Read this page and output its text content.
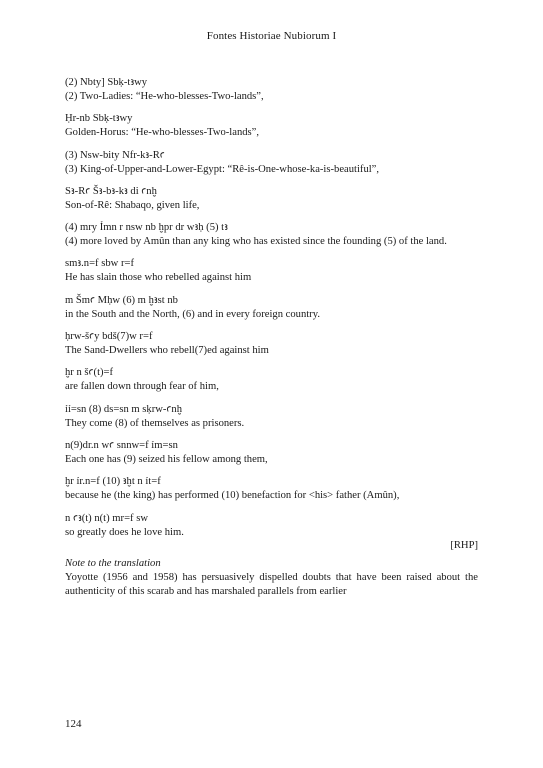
Fontes Historiae Nubiorum I
(2) Nbty] Sbḳ-tꜣwy
(2) Two-Ladies: “He-who-blesses-Two-lands”,
Ḥr-nb Sbḳ-tꜣwy
Golden-Horus: “He-who-blesses-Two-lands”,
(3) Nsw-bity Nfr-kꜣ-Rꜥ
(3) King-of-Upper-and-Lower-Egypt: “Rê-is-One-whose-ka-is-beautiful”,
Sꜣ-Rꜥ Šꜣ-bꜣ-kꜣ di ꜥnḫ
Son-of-Rê: Shabaqo, given life,
(4) mry Ỉmn r nsw nb ḫpr dr wꜣḥ (5) tꜣ
(4) more loved by Amûn than any king who has existed since the founding (5) of the land.
smꜣ.n=f sbw r=f
He has slain those who rebelled against him
m Šmꜥ Mḥw (6) m ḫꜣst nb
in the South and the North, (6) and in every foreign country.
ḥrw-šꜥy bdš(7)w r=f
The Sand-Dwellers who rebell(7)ed against him
ḫr n šꜥ(t)=f
are fallen down through fear of him,
ỉỉ=sn (8) ds=sn m sḳrw-ꜥnḫ
They come (8) of themselves as prisoners.
n(9)dr.n wꜥ snnw=f ỉm=sn
Each one has (9) seized his fellow among them,
ḫr ỉr.n=f (10) ꜣḫt n ỉt=f
because he (the king) has performed (10) benefaction for <his> father (Amûn),
n ꜥꜣ(t) n(t) mr=f sw
so greatly does he love him.
[RHP]
Note to the translation
Yoyotte (1956 and 1958) has persuasively dispelled doubts that have been raised about the authenticity of this scarab and has marshaled parallels from earlier
124
